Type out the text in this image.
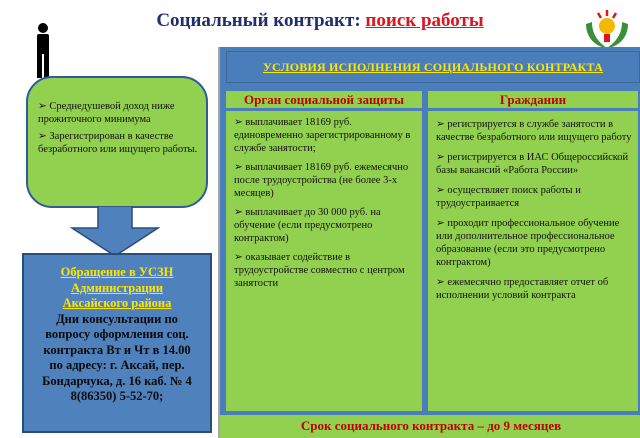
Социальный контракт: поиск работы
➢ Среднедушевой доход ниже прожиточного минимума
➢ Зарегистрирован в качестве безработного или ищущего работы.
Обращение в УСЗН
Администрации
Аксайского района
Дни консультации по
вопросу оформления соц.
контракта Вт и Чт в 14.00
по адресу: г. Аксай, пер.
Бондарчука, д. 16 каб. № 4
8(86350) 5-52-70;
УСЛОВИЯ ИСПОЛНЕНИЯ СОЦИАЛЬНОГО КОНТРАКТА
Орган социальной защиты	Гражданин
➢ выплачивает 18169 руб. единовременно зарегистрированному в службе занятости;
➢ выплачивает 18169 руб. ежемесячно после трудоустройства (не более 3-х месяцев)
➢ выплачивает до 30 000 руб. на обучение (если предусмотрено контрактом)
➢ оказывает содействие в трудоустройстве совместно с центром занятости
➢ регистрируется в службе занятости в качестве безработного или ищущего работу
➢ регистрируется в ИАС Общероссийской базы вакансий «Работа России»
➢ осуществляет поиск работы и трудоустраивается
➢ проходит профессиональное обучение или дополнительное профессиональное образование (если это предусмотрено контрактом)
➢ ежемесячно предоставляет отчет об исполнении условий контракта
Срок социального контракта – до 9 месяцев
